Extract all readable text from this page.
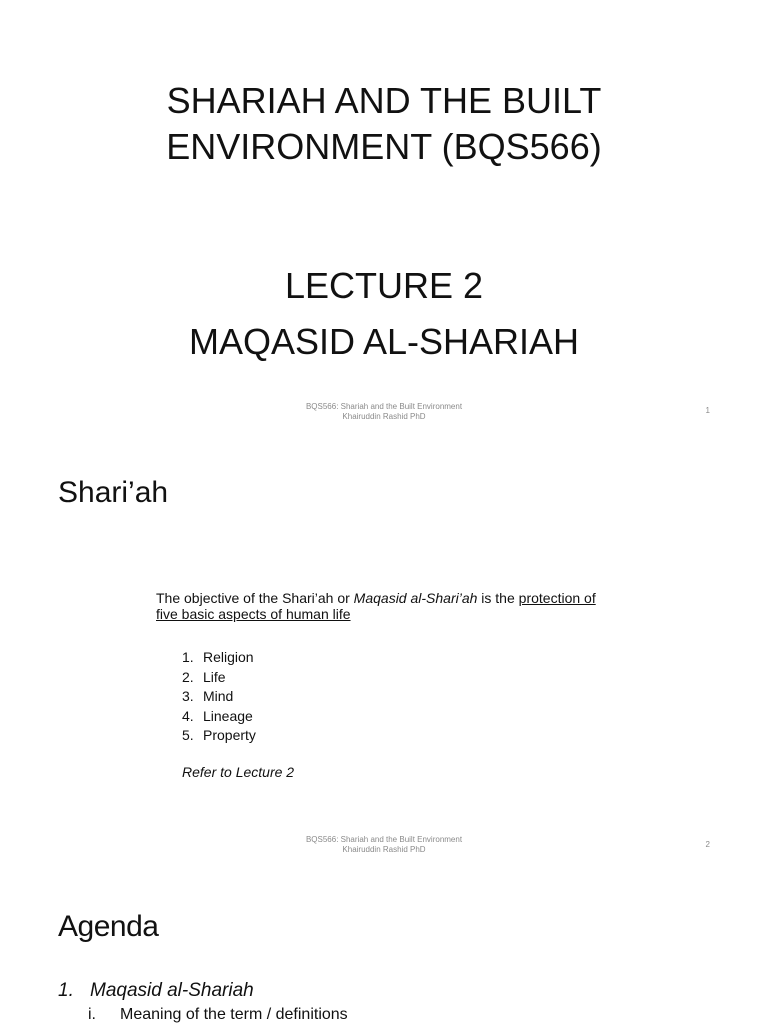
SHARIAH AND THE BUILT
ENVIRONMENT (BQS566)
LECTURE 2
MAQASID AL-SHARIAH
BQS566: Shariah and the Built Environment
Khairuddin Rashid PhD
1
Shari’ah
The objective of the Shari’ah or Maqasid al-Shari’ah is the protection of five basic aspects of human life
1. Religion
2. Life
3. Mind
4. Lineage
5. Property
Refer to Lecture 2
BQS566: Shariah and the Built Environment
Khairuddin Rashid PhD
2
Agenda
1. Maqasid al-Shariah
i. Meaning of the term / definitions
